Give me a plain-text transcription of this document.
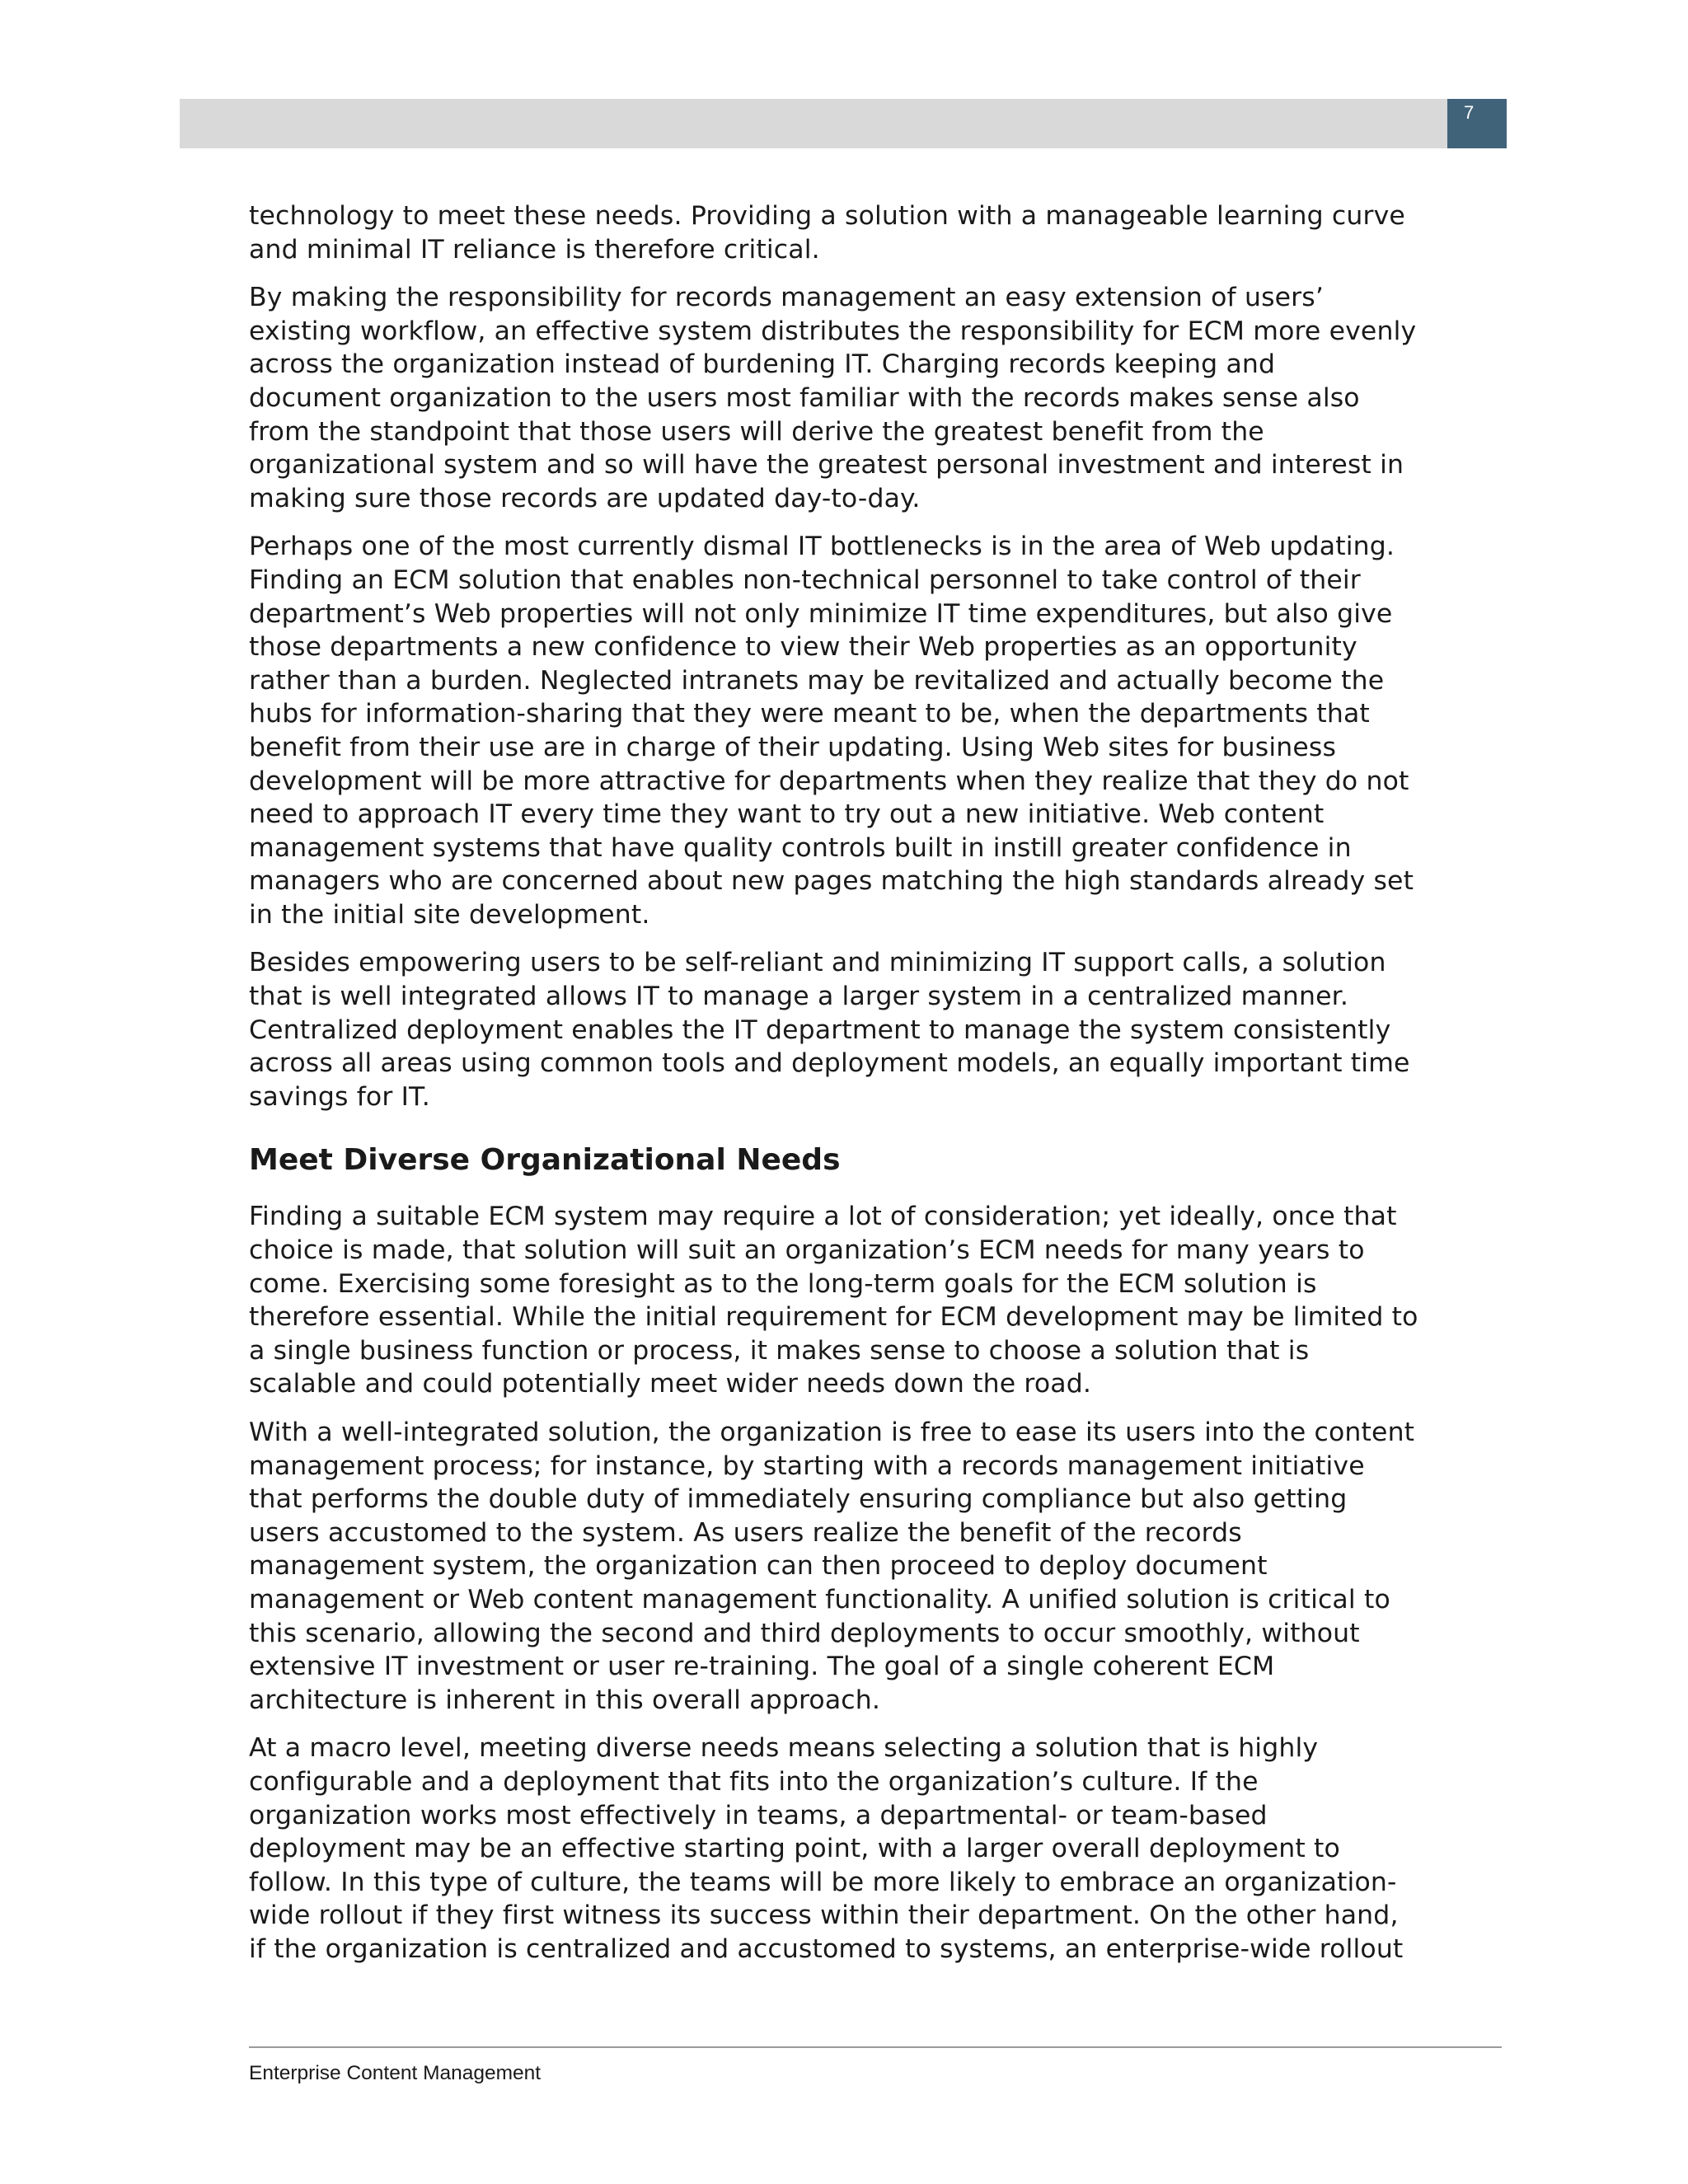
7

technology to meet these needs. Providing a solution with a manageable learning curve
and minimal IT reliance is therefore critical.

By making the responsibility for records management an easy extension of users’
existing workflow, an effective system distributes the responsibility for ECM more evenly
across the organization instead of burdening IT. Charging records keeping and
document organization to the users most familiar with the records makes sense also
from the standpoint that those users will derive the greatest benefit from the
organizational system and so will have the greatest personal investment and interest in
making sure those records are updated day-to-day.

Perhaps one of the most currently dismal IT bottlenecks is in the area of Web updating.
Finding an ECM solution that enables non-technical personnel to take control of their
department’s Web properties will not only minimize IT time expenditures, but also give
those departments a new confidence to view their Web properties as an opportunity
rather than a burden. Neglected intranets may be revitalized and actually become the
hubs for information-sharing that they were meant to be, when the departments that
benefit from their use are in charge of their updating. Using Web sites for business
development will be more attractive for departments when they realize that they do not
need to approach IT every time they want to try out a new initiative. Web content
management systems that have quality controls built in instill greater confidence in
managers who are concerned about new pages matching the high standards already set
in the initial site development.

Besides empowering users to be self-reliant and minimizing IT support calls, a solution
that is well integrated allows IT to manage a larger system in a centralized manner.
Centralized deployment enables the IT department to manage the system consistently
across all areas using common tools and deployment models, an equally important time
savings for IT.

Meet Diverse Organizational Needs

Finding a suitable ECM system may require a lot of consideration; yet ideally, once that
choice is made, that solution will suit an organization’s ECM needs for many years to
come. Exercising some foresight as to the long-term goals for the ECM solution is
therefore essential. While the initial requirement for ECM development may be limited to
a single business function or process, it makes sense to choose a solution that is
scalable and could potentially meet wider needs down the road.

With a well-integrated solution, the organization is free to ease its users into the content
management process; for instance, by starting with a records management initiative
that performs the double duty of immediately ensuring compliance but also getting
users accustomed to the system. As users realize the benefit of the records
management system, the organization can then proceed to deploy document
management or Web content management functionality. A unified solution is critical to
this scenario, allowing the second and third deployments to occur smoothly, without
extensive IT investment or user re-training. The goal of a single coherent ECM
architecture is inherent in this overall approach.

At a macro level, meeting diverse needs means selecting a solution that is highly
configurable and a deployment that fits into the organization’s culture. If the
organization works most effectively in teams, a departmental- or team-based
deployment may be an effective starting point, with a larger overall deployment to
follow. In this type of culture, the teams will be more likely to embrace an organization-
wide rollout if they first witness its success within their department. On the other hand,
if the organization is centralized and accustomed to systems, an enterprise-wide rollout

Enterprise Content Management
